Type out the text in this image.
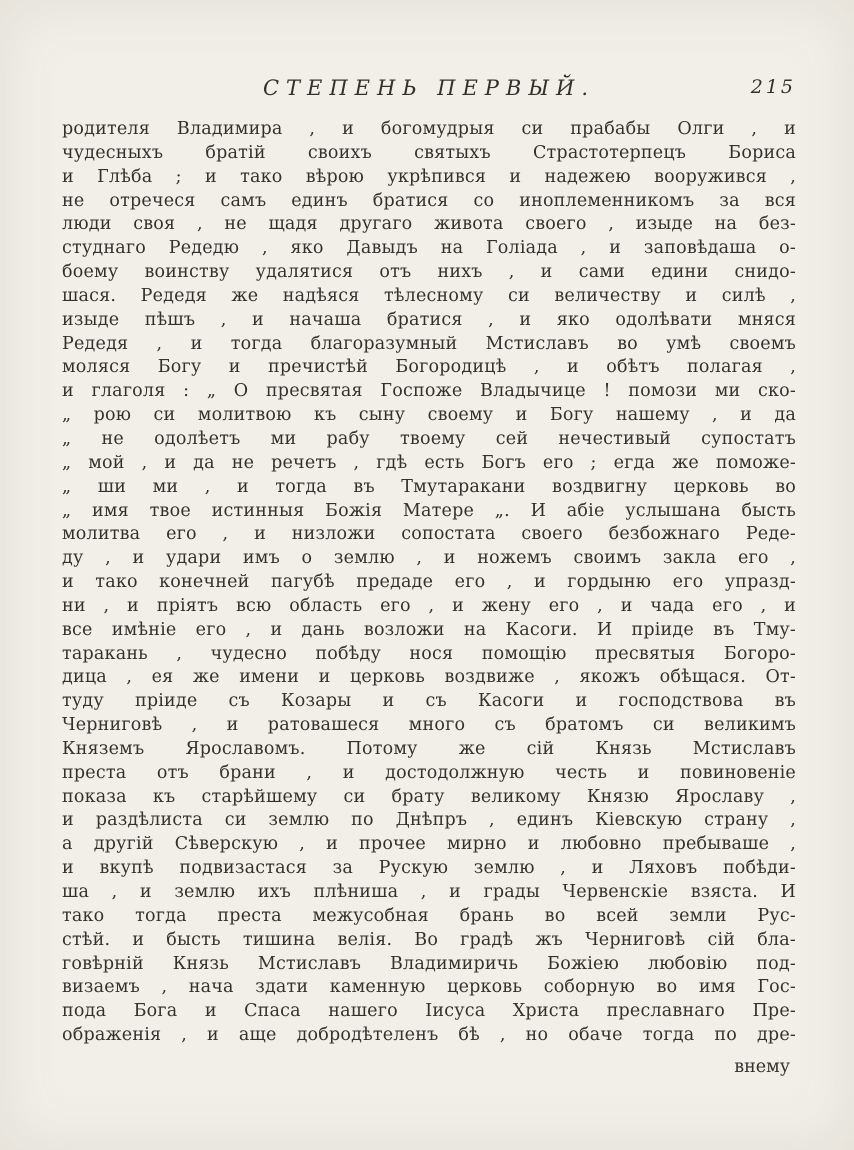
СТЕПЕНЬ ПЕРВЫЙ.	215
родителя Владимира , и богомудрыя си прабабы Олги , и
чудесныхъ братій своихъ святыхъ Страстотерпецъ Бориса
и Глѣба ; и тако вѣрою укрѣпився и надежею вооружився ,
не отречеся самъ единъ братися со иноплеменникомъ за вся
люди своя , не щадя другаго живота своего , изыде на без-
студнаго Редедю , яко Давыдъ на Голіада , и заповѣдаша о-
боему воинству удалятися отъ нихъ , и сами едини снидо-
шася. Редедя же надѣяся тѣлесному си величеству и силѣ ,
изыде пѣшъ , и начаша братися , и яко одолѣвати мняся
Редедя , и тогда благоразумный Мстиславъ во умѣ своемъ
моляся Богу и пречистѣй Богородицѣ , и обѣтъ полагая ,
и глаголя : „ О пресвятая Госпоже Владычице ! помози ми ско-
„ рою си молитвою къ сыну своему и Богу нашему , и да
„ не одолѣетъ ми рабу твоему сей нечестивый супостатъ
„ мой , и да не речетъ , гдѣ есть Богъ его ; егда же поможе-
„ ши ми , и тогда въ Тмутаракани воздвигну церковь во
„ имя твое истинныя Божія Матере „. И абіе услышана бысть
молитва его , и низложи сопостата своего безбожнаго Реде-
ду , и удари имъ о землю , и ножемъ своимъ закла его ,
и тако конечней пагубѣ предаде его , и гордыню его упразд-
ни , и пріятъ всю область его , и жену его , и чада его , и
все имѣніе его , и дань возложи на Касоги. И пріиде въ Тму-
таракань , чудесно побѣду нося помощію пресвятыя Богоро-
дица , ея же имени и церковь воздвиже , якожъ обѣщася. От-
туду пріиде съ Козары и съ Касоги и господствова въ
Черниговѣ , и ратовашеся много съ братомъ си великимъ
Княземъ Ярославомъ. Потому же сій Князь Мстиславъ
преста отъ брани , и достодолжную честь и повиновеніе
показа къ старѣйшему си брату великому Князю Ярославу ,
и раздѣлиста си землю по Днѣпръ , единъ Кіевскую страну ,
а другій Сѣверскую , и прочее мирно и любовно пребываше ,
и вкупѣ подвизастася за Рускую землю , и Ляховъ побѣди-
ша , и землю ихъ плѣниша , и грады Червенскіе взяста. И
тако тогда преста межусобная брань во всей земли Рус-
стѣй. и бысть тишина велія. Во градѣ жъ Черниговѣ сій бла-
говѣрній Князь Мстиславъ Владимиричь Божіею любовію под-
визаемъ , нача здати каменную церковь соборную во имя Гос-
пода Бога и Спаса нашего Іисуса Христа преславнаго Пре-
ображенія , и аще добродѣтеленъ бѣ , но обаче тогда по дре-
внему
